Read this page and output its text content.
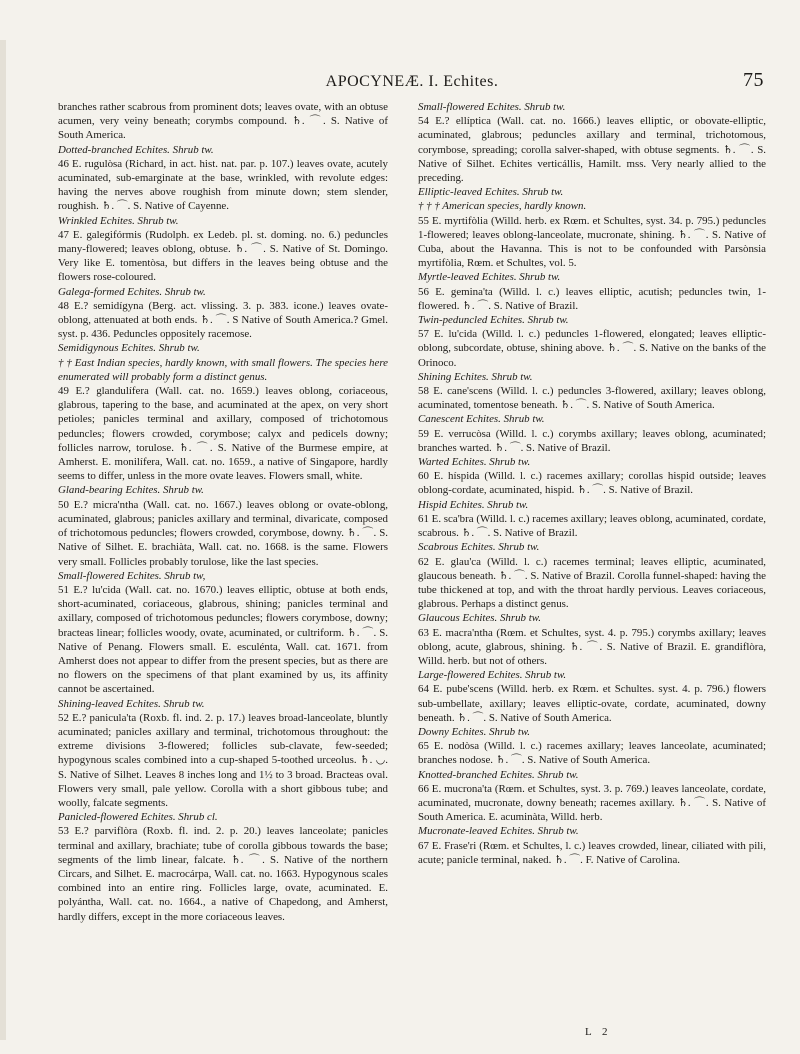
APOCYNEÆ. I. Echites.	75

branches rather scabrous from prominent dots; leaves ovate, with an obtuse acumen, very veiny beneath; corymbs compound. ♄. ⌒. S. Native of South America.

Dotted-branched Echites. Shrub tw.

46 E. rugulòsa (Richard, in act. hist. nat. par. p. 107.) leaves ovate, acutely acuminated, sub-emarginate at the base, wrinkled, with revolute edges: having the nerves above roughish from minute down; stem slender, roughish. ♄. ⌒. S. Native of Cayenne.

Wrinkled Echites. Shrub tw.

47 E. galegifórmis (Rudolph. ex Ledeb. pl. st. doming. no. 6.) peduncles many-flowered; leaves oblong, obtuse. ♄. ⌒. S. Native of St. Domingo. Very like E. tomentòsa, but differs in the leaves being obtuse and the flowers rose-coloured.

Galega-formed Echites. Shrub tw.

48 E.? semidígyna (Berg. act. vlissing. 3. p. 383. icone.) leaves ovate-oblong, attenuated at both ends. ♄. ⌒. S Native of South America.? Gmel. syst. p. 436. Peduncles oppositely racemose.

Semidigynous Echites. Shrub tw.

† † East Indian species, hardly known, with small flowers. The species here enumerated will probably form a distinct genus.

49 E.? glandulífera (Wall. cat. no. 1659.) leaves oblong, coriaceous, glabrous, tapering to the base, and acuminated at the apex, on very short petioles; panicles terminal and axillary, composed of trichotomous peduncles; flowers crowded, corymbose; calyx and pedicels downy; follicles narrow, torulose. ♄. ⌒. S. Native of the Burmese empire, at Amherst. E. monilífera, Wall. cat. no. 1659., a native of Singapore, hardly seems to differ, unless in the more ovate leaves. Flowers small, white.

Gland-bearing Echites. Shrub tw.

50 E.? micra'ntha (Wall. cat. no. 1667.) leaves oblong or ovate-oblong, acuminated, glabrous; panicles axillary and terminal, divaricate, composed of trichotomous peduncles; flowers crowded, corymbose, downy. ♄. ⌒. S. Native of Silhet. E. brachiàta, Wall. cat. no. 1668. is the same. Flowers very small. Follicles probably torulose, like the last species.

Small-flowered Echites. Shrub tw,

51 E.? lu'cida (Wall. cat. no. 1670.) leaves elliptic, obtuse at both ends, short-acuminated, coriaceous, glabrous, shining; panicles terminal and axillary, composed of trichotomous peduncles; flowers corymbose, downy; bracteas linear; follicles woody, ovate, acuminated, or cultriform. ♄. ⌒. S. Native of Penang. Flowers small. E. esculénta, Wall. cat. 1671. from Amherst does not appear to differ from the present species, but as there are no flowers on the specimens of that plant examined by us, its affinity cannot be ascertained.

Shining-leaved Echites. Shrub tw.

52 E.? panicula'ta (Roxb. fl. ind. 2. p. 17.) leaves broad-lanceolate, bluntly acuminated; panicles axillary and terminal, trichotomous throughout: the extreme divisions 3-flowered; follicles sub-clavate, few-seeded; hypogynous scales combined into a cup-shaped 5-toothed urceolus. ♄. ◡. S. Native of Silhet. Leaves 8 inches long and 1½ to 3 broad. Bracteas oval. Flowers very small, pale yellow. Corolla with a short gibbous tube; and woolly, falcate segments.

Panicled-flowered Echites. Shrub cl.

53 E.? parviflòra (Roxb. fl. ind. 2. p. 20.) leaves lanceolate; panicles terminal and axillary, brachiate; tube of corolla gibbous towards the base; segments of the limb linear, falcate. ♄. ⌒. S. Native of the northern Circars, and Silhet. E. macrocárpa, Wall. cat. no. 1663. Hypogynous scales combined into an entire ring. Follicles large, ovate, acuminated. E. polyántha, Wall. cat. no. 1664., a native of Chapedong, and Amherst, hardly differs, except in the more coriaceous leaves.

Small-flowered Echites. Shrub tw.

54 E.? ellíptica (Wall. cat. no. 1666.) leaves elliptic, or obovate-elliptic, acuminated, glabrous; peduncles axillary and terminal, trichotomous, corymbose, spreading; corolla salver-shaped, with obtuse segments. ♄. ⌒. S. Native of Silhet. Echites verticállis, Hamilt. mss. Very nearly allied to the preceding.

Elliptic-leaved Echites. Shrub tw.

† † † American species, hardly known.

55 E. myrtifòlia (Willd. herb. ex Rœm. et Schultes, syst. 34. p. 795.) peduncles 1-flowered; leaves oblong-lanceolate, mucronate, shining. ♄. ⌒. S. Native of Cuba, about the Havanna. This is not to be confounded with Parsònsia myrtifòlia, Rœm. et Schultes, vol. 5.

Myrtle-leaved Echites. Shrub tw.

56 E. gemina'ta (Willd. l. c.) leaves elliptic, acutish; peduncles twin, 1-flowered. ♄. ⌒. S. Native of Brazil.

Twin-peduncled Echites. Shrub tw.

57 E. lu'cida (Willd. l. c.) peduncles 1-flowered, elongated; leaves elliptic-oblong, subcordate, obtuse, shining above. ♄. ⌒. S. Native on the banks of the Orinoco.

Shining Echites. Shrub tw.

58 E. cane'scens (Willd. l. c.) peduncles 3-flowered, axillary; leaves oblong, acuminated, tomentose beneath. ♄. ⌒. S. Native of South America.

Canescent Echites. Shrub tw.

59 E. verrucòsa (Willd. l. c.) corymbs axillary; leaves oblong, acuminated; branches warted. ♄. ⌒. S. Native of Brazil.

Warted Echites. Shrub tw.

60 E. híspida (Willd. l. c.) racemes axillary; corollas hispid outside; leaves oblong-cordate, acuminated, hispid. ♄. ⌒. S. Native of Brazil.

Hispid Echites. Shrub tw.

61 E. sca'bra (Willd. l. c.) racemes axillary; leaves oblong, acuminated, cordate, scabrous. ♄. ⌒. S. Native of Brazil.

Scabrous Echites. Shrub tw.

62 E. glau'ca (Willd. l. c.) racemes terminal; leaves elliptic, acuminated, glaucous beneath. ♄. ⌒. S. Native of Brazil. Corolla funnel-shaped: having the tube thickened at top, and with the throat hardly pervious. Leaves coriaceous, glabrous. Perhaps a distinct genus.

Glaucous Echites. Shrub tw.

63 E. macra'ntha (Rœm. et Schultes, syst. 4. p. 795.) corymbs axillary; leaves oblong, acute, glabrous, shining. ♄. ⌒. S. Native of Brazil. E. grandiflòra, Willd. herb. but not of others.

Large-flowered Echites. Shrub tw.

64 E. pube'scens (Willd. herb. ex Rœm. et Schultes. syst. 4. p. 796.) flowers sub-umbellate, axillary; leaves elliptic-ovate, cordate, acuminated, downy beneath. ♄. ⌒. S. Native of South America.

Downy Echites. Shrub tw.

65 E. nodòsa (Willd. l. c.) racemes axillary; leaves lanceolate, acuminated; branches nodose. ♄. ⌒. S. Native of South America.

Knotted-branched Echites. Shrub tw.

66 E. mucrona'ta (Rœm. et Schultes, syst. 3. p. 769.) leaves lanceolate, cordate, acuminated, mucronate, downy beneath; racemes axillary. ♄. ⌒. S. Native of South America. E. acuminàta, Willd. herb.

Mucronate-leaved Echites. Shrub tw.

67 E. Frase'ri (Rœm. et Schultes, l. c.) leaves crowded, linear, ciliated with pili, acute; panicle terminal, naked. ♄. ⌒. F. Native of Carolina.

L 2
